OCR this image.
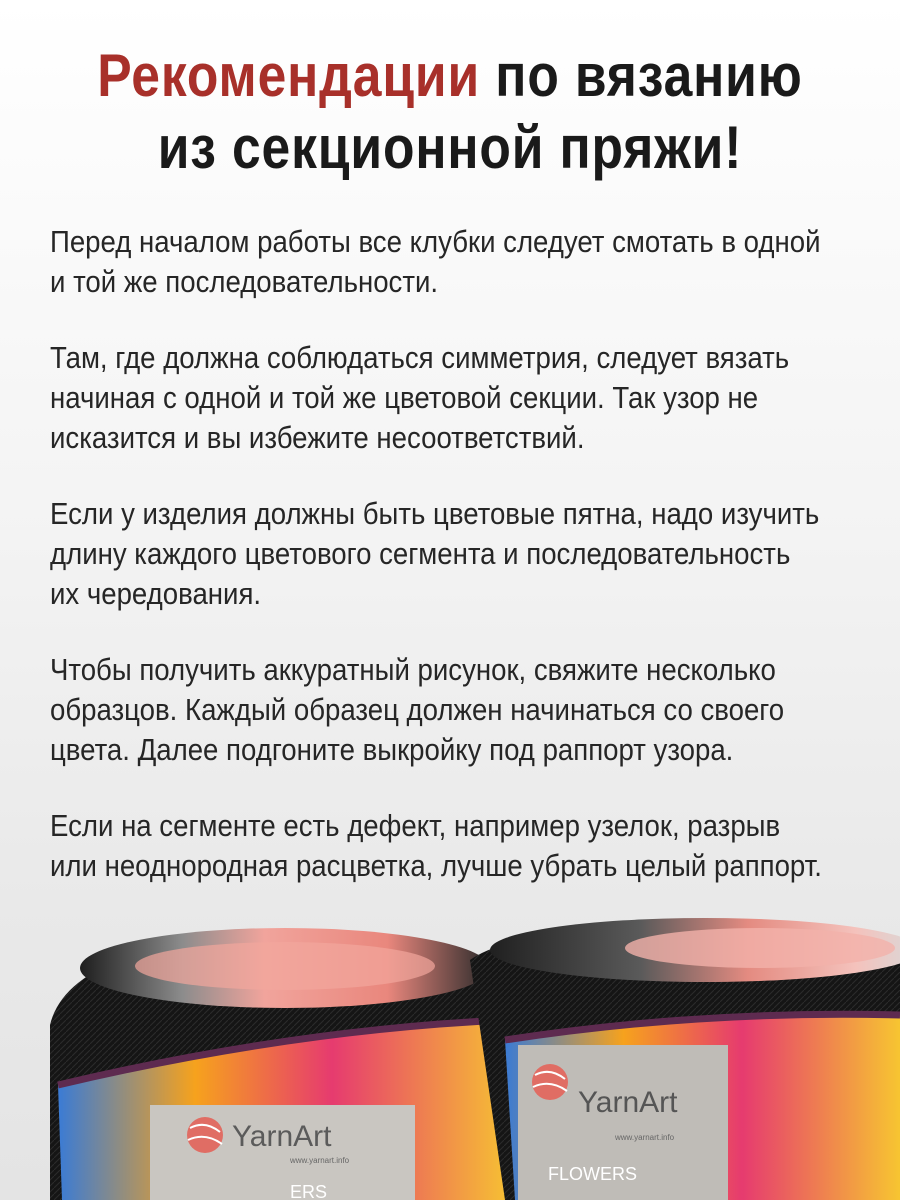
Рекомендации по вязанию
из секционной пряжи!
Перед началом работы все клубки следует смотать в одной
и той же последовательности.
Там, где должна соблюдаться симметрия, следует вязать
начиная с одной и той же цветовой секции. Так узор не
исказится и вы избежите несоответствий.
Если у изделия должны быть цветовые пятна, надо изучить
длину каждого цветового сегмента и последовательность
их чередования.
Чтобы получить аккуратный рисунок, свяжите несколько
образцов. Каждый образец должен начинаться со своего
цвета. Далее подгоните выкройку под раппорт узора.
Если на сегменте есть дефект, например узелок, разрыв
или неоднородная расцветка, лучше убрать целый раппорт.
YarnArt
www.yarnart.info
ERS
YarnArt
www.yarnart.info
FLOWERS
